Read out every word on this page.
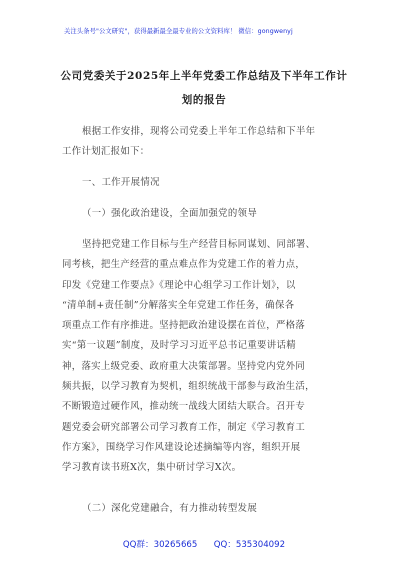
关注头条号"公文研究"，获得最新最全最专业的公文资料库！ 微信：gongwenyj
公司党委关于2025年上半年党委工作总结及下半年工作计
划的报告
根据工作安排，现将公司党委上半年工作总结和下半年
工作计划汇报如下：
一、工作开展情况
（一）强化政治建设，全面加强党的领导
坚持把党建工作目标与生产经营目标同谋划、同部署、
同考核，把生产经营的重点难点作为党建工作的着力点，
印发《党建工作要点》《理论中心组学习工作计划》，以
“清单制+责任制”分解落实全年党建工作任务，确保各
项重点工作有序推进。坚持把政治建设摆在首位，严格落
实“第一议题”制度，及时学习习近平总书记重要讲话精
神，落实上级党委、政府重大决策部署。坚持党内党外同
频共振，以学习教育为契机，组织统战干部参与政治生活，
不断锻造过硬作风，推动统一战线大团结大联合。召开专
题党委会研究部署公司学习教育工作，制定《学习教育工
作方案》，围绕学习作风建设论述摘编等内容，组织开展
学习教育读书班X次，集中研讨学习X次。
（二）深化党建融合，有力推动转型发展
QQ群：30265665      QQ：535304092
